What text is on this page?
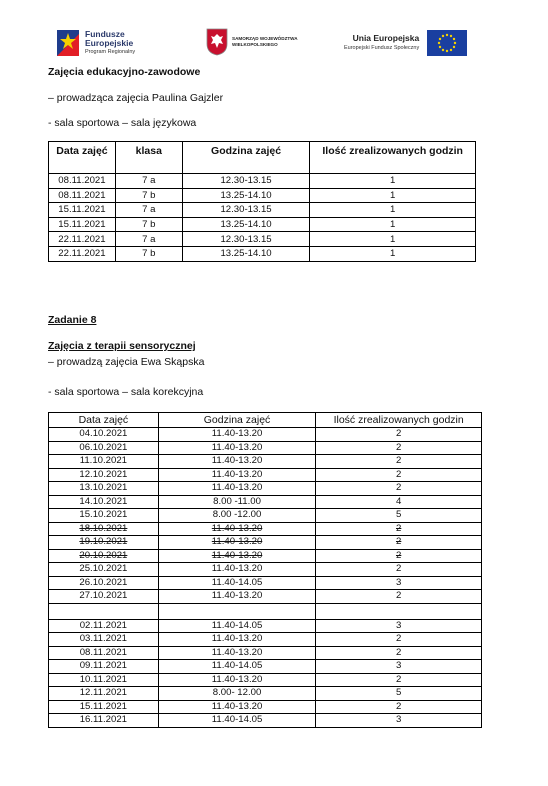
Fundusze
Europejskie
Program Regionalny
SAMORZĄD WOJEWÓDZTWA
WIELKOPOLSKIEGO
Unia Europejska
Europejski Fundusz Społeczny
Zajęcia edukacyjno-zawodowe
– prowadząca zajęcia Paulina Gajzler
- sala sportowa – sala językowa
Data zajęć	klasa	Godzina zajęć	Ilość zrealizowanych godzin
08.11.2021	7 a	12.30-13.15	1
08.11.2021	7 b	13.25-14.10	1
15.11.2021	7 a	12.30-13.15	1
15.11.2021	7 b	13.25-14.10	1
22.11.2021	7 a	12.30-13.15	1
22.11.2021	7 b	13.25-14.10	1
Zadanie 8
Zajęcia z terapii sensorycznej
– prowadzą zajęcia Ewa Skąpska
- sala sportowa – sala korekcyjna
Data zajęć	Godzina zajęć	Ilość zrealizowanych godzin
04.10.2021	11.40-13.20	2
06.10.2021	11.40-13.20	2
11.10.2021	11.40-13.20	2
12.10.2021	11.40-13.20	2
13.10.2021	11.40-13.20	2
14.10.2021	8.00 -11.00	4
15.10.2021	8.00 -12.00	5
18.10.2021	11.40-13.20	2
19.10.2021	11.40-13.20	2
20.10.2021	11.40-13.20	2
25.10.2021	11.40-13.20	2
26.10.2021	11.40-14.05	3
27.10.2021	11.40-13.20	2

02.11.2021	11.40-14.05	3
03.11.2021	11.40-13.20	2
08.11.2021	11.40-13.20	2
09.11.2021	11.40-14.05	3
10.11.2021	11.40-13.20	2
12.11.2021	8.00- 12.00	5
15.11.2021	11.40-13.20	2
16.11.2021	11.40-14.05	3
